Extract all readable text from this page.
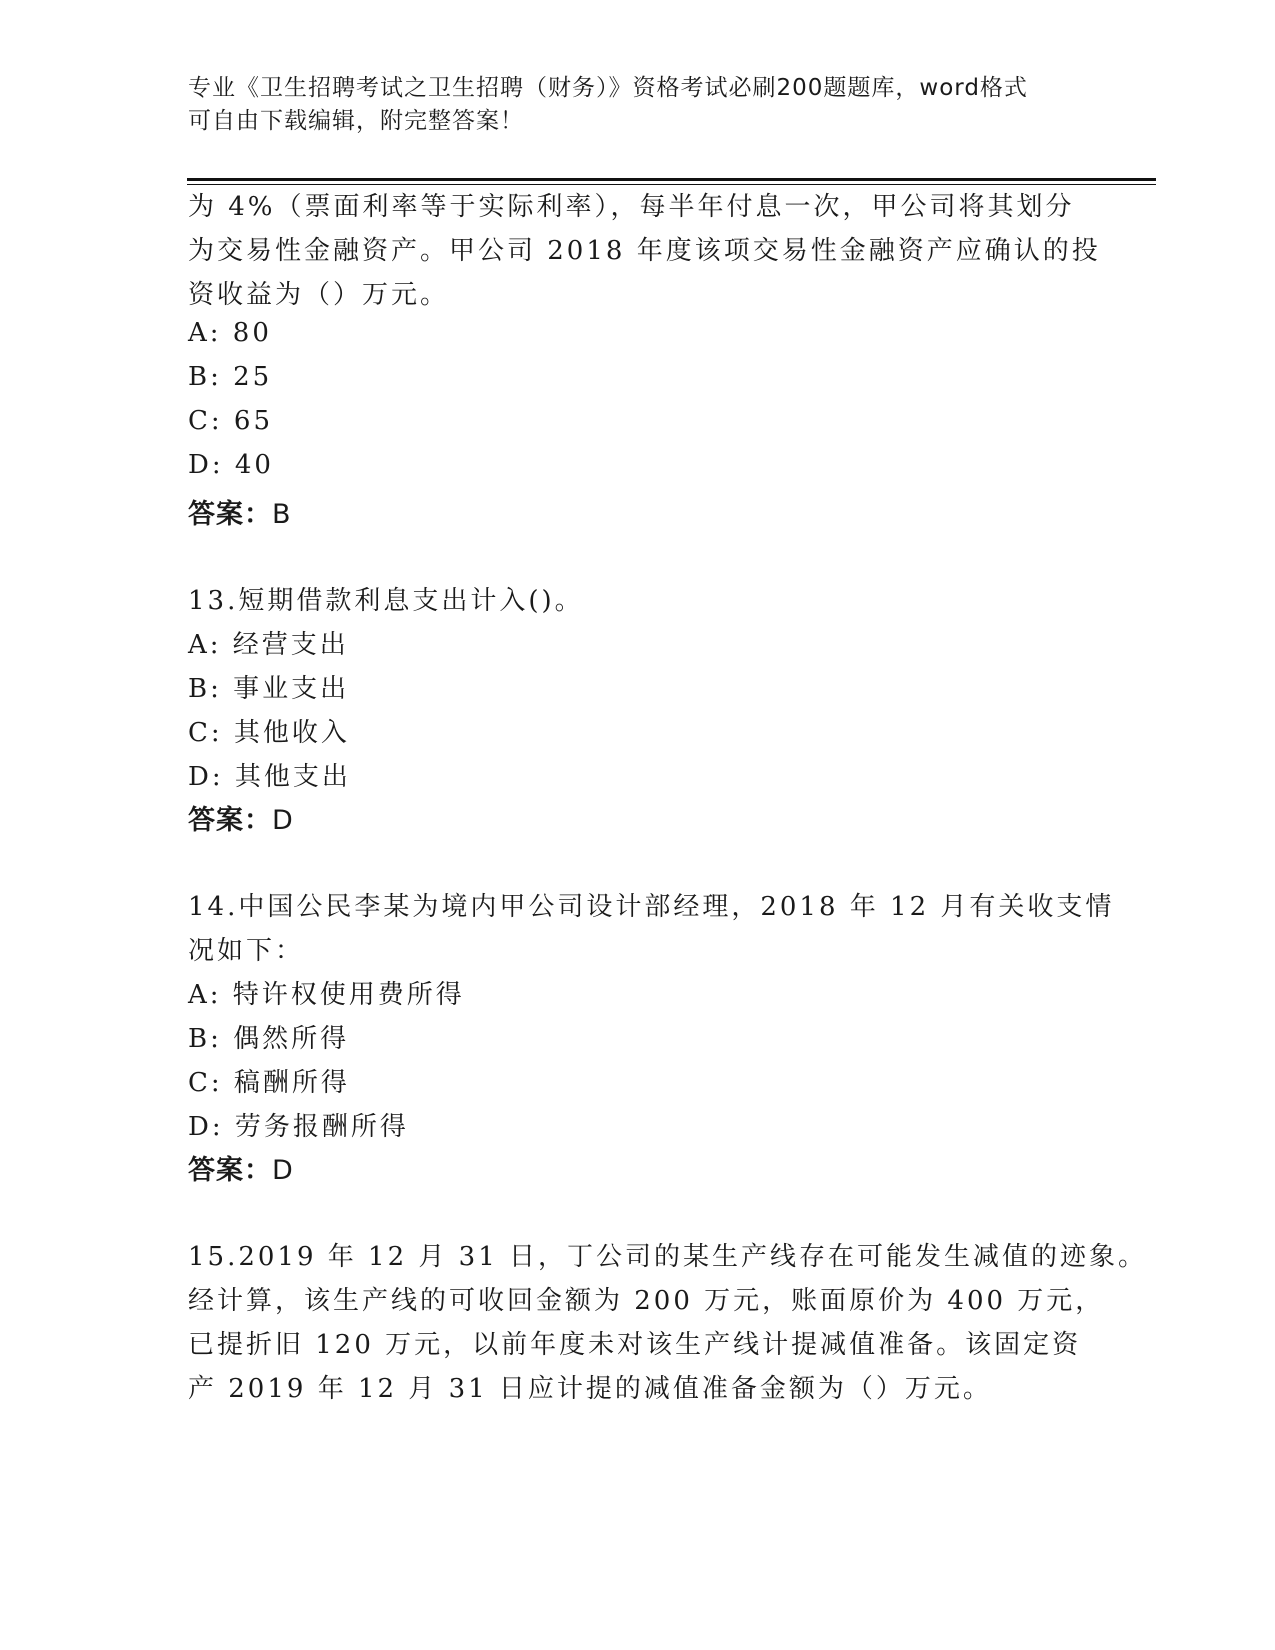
专业《卫生招聘考试之卫生招聘（财务）》资格考试必刷200题题库，word格式
可自由下载编辑，附完整答案！
为 4%（票面利率等于实际利率），每半年付息一次，甲公司将其划分
为交易性金融资产。甲公司 2018 年度该项交易性金融资产应确认的投
资收益为（）万元。
A: 80
B: 25
C: 65
D: 40
答案：B
13.短期借款利息支出计入()。
A: 经营支出
B: 事业支出
C: 其他收入
D: 其他支出
答案：D
14.中国公民李某为境内甲公司设计部经理，2018 年 12 月有关收支情
况如下：
A: 特许权使用费所得
B: 偶然所得
C: 稿酬所得
D: 劳务报酬所得
答案：D
15.2019 年 12 月 31 日，丁公司的某生产线存在可能发生减值的迹象。
经计算，该生产线的可收回金额为 200 万元，账面原价为 400 万元，
已提折旧 120 万元，以前年度未对该生产线计提减值准备。该固定资
产 2019 年 12 月 31 日应计提的减值准备金额为（）万元。
